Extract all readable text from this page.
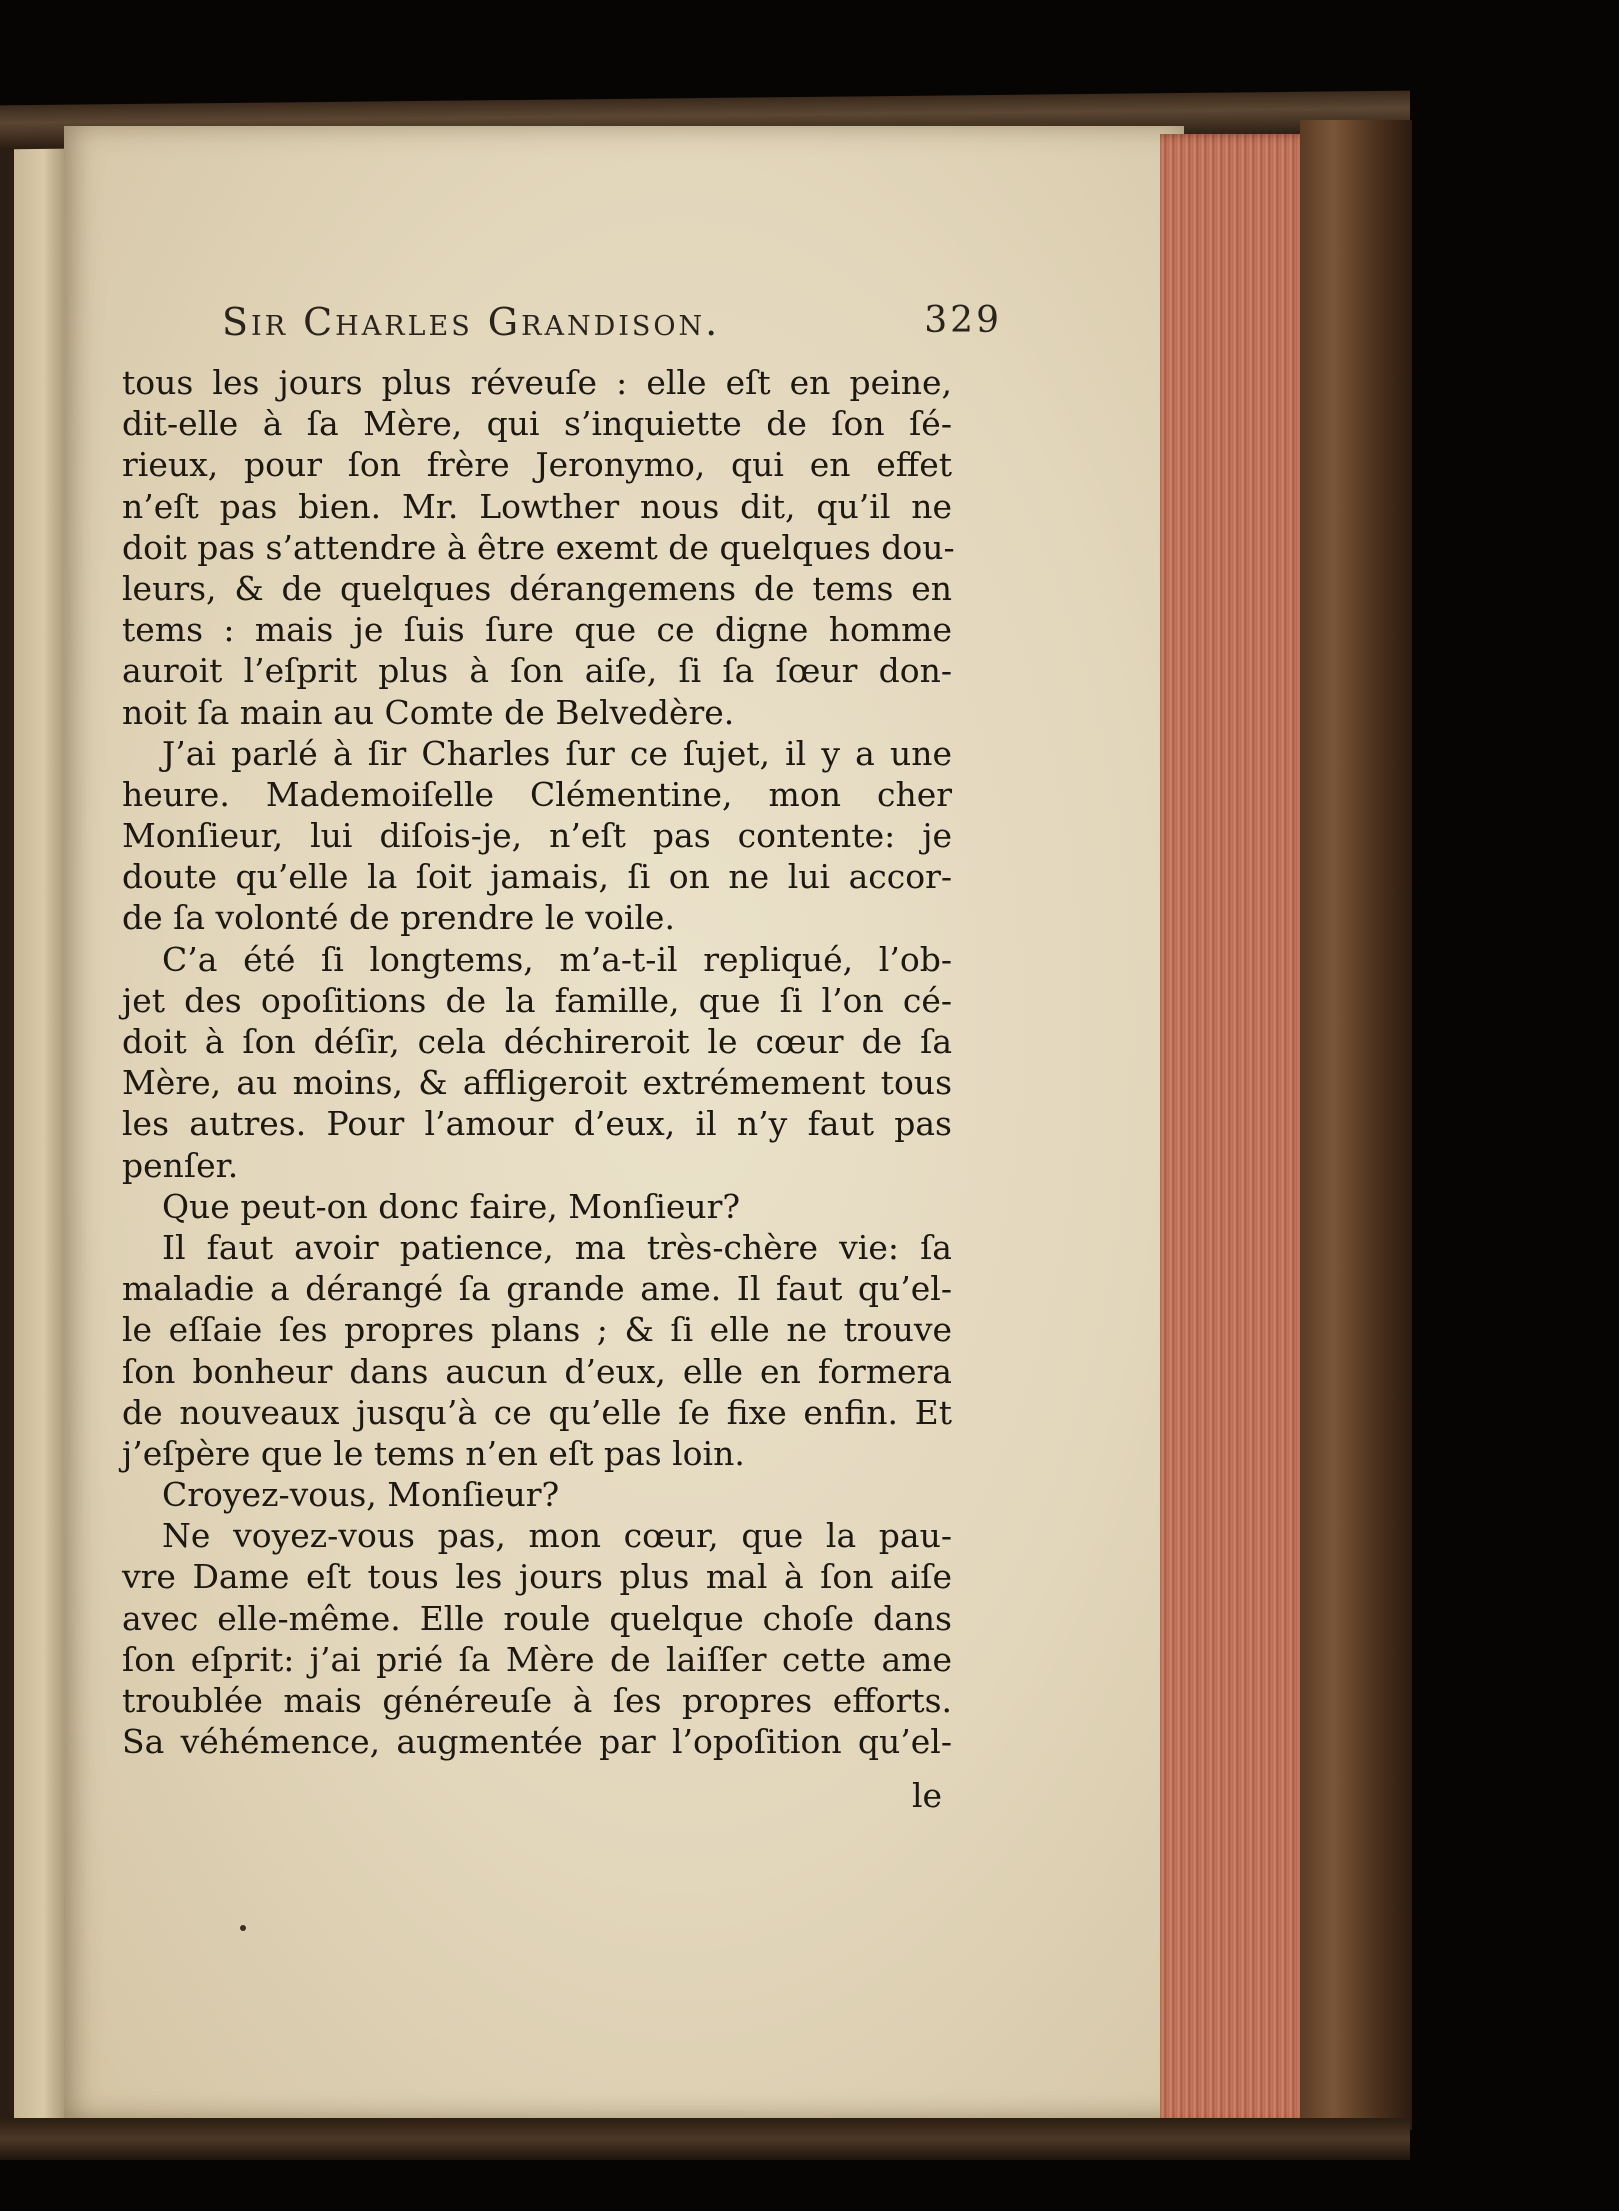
Sir Charles Grandison.	329
tous les jours plus réveuſe : elle eſt en peine,
dit-elle à ſa Mère, qui s’inquiette de ſon ſé-
rieux, pour ſon frère Jeronymo, qui en effet
n’eſt pas bien. Mr. Lowther nous dit, qu’il ne
doit pas s’attendre à être exemt de quelques dou-
leurs, & de quelques dérangemens de tems en
tems : mais je ſuis ſure que ce digne homme
auroit l’eſprit plus à ſon aiſe, ſi ſa ſœur don-
noit ſa main au Comte de Belvedère.
J’ai parlé à ſir Charles ſur ce ſujet, il y a une
heure. Mademoiſelle Clémentine, mon cher
Monſieur, lui diſois-je, n’eſt pas contente: je
doute qu’elle la ſoit jamais, ſi on ne lui accor-
de ſa volonté de prendre le voile.
C’a été ſi longtems, m’a-t-il repliqué, l’ob-
jet des opoſitions de la famille, que ſi l’on cé-
doit à ſon déſir, cela déchireroit le cœur de ſa
Mère, au moins, & affligeroit extrémement tous
les autres. Pour l’amour d’eux, il n’y faut pas
penſer.
Que peut-on donc faire, Monſieur?
Il faut avoir patience, ma très-chère vie: ſa
maladie a dérangé ſa grande ame. Il faut qu’el-
le eſſaie ſes propres plans ; & ſi elle ne trouve
ſon bonheur dans aucun d’eux, elle en formera
de nouveaux jusqu’à ce qu’elle ſe fixe enfin. Et
j’eſpère que le tems n’en eſt pas loin.
Croyez-vous, Monſieur?
Ne voyez-vous pas, mon cœur, que la pau-
vre Dame eſt tous les jours plus mal à ſon aiſe
avec elle-même. Elle roule quelque choſe dans
ſon eſprit: j’ai prié ſa Mère de laiſſer cette ame
troublée mais généreuſe à ſes propres efforts.
Sa véhémence, augmentée par l’opoſition qu’el-
le
